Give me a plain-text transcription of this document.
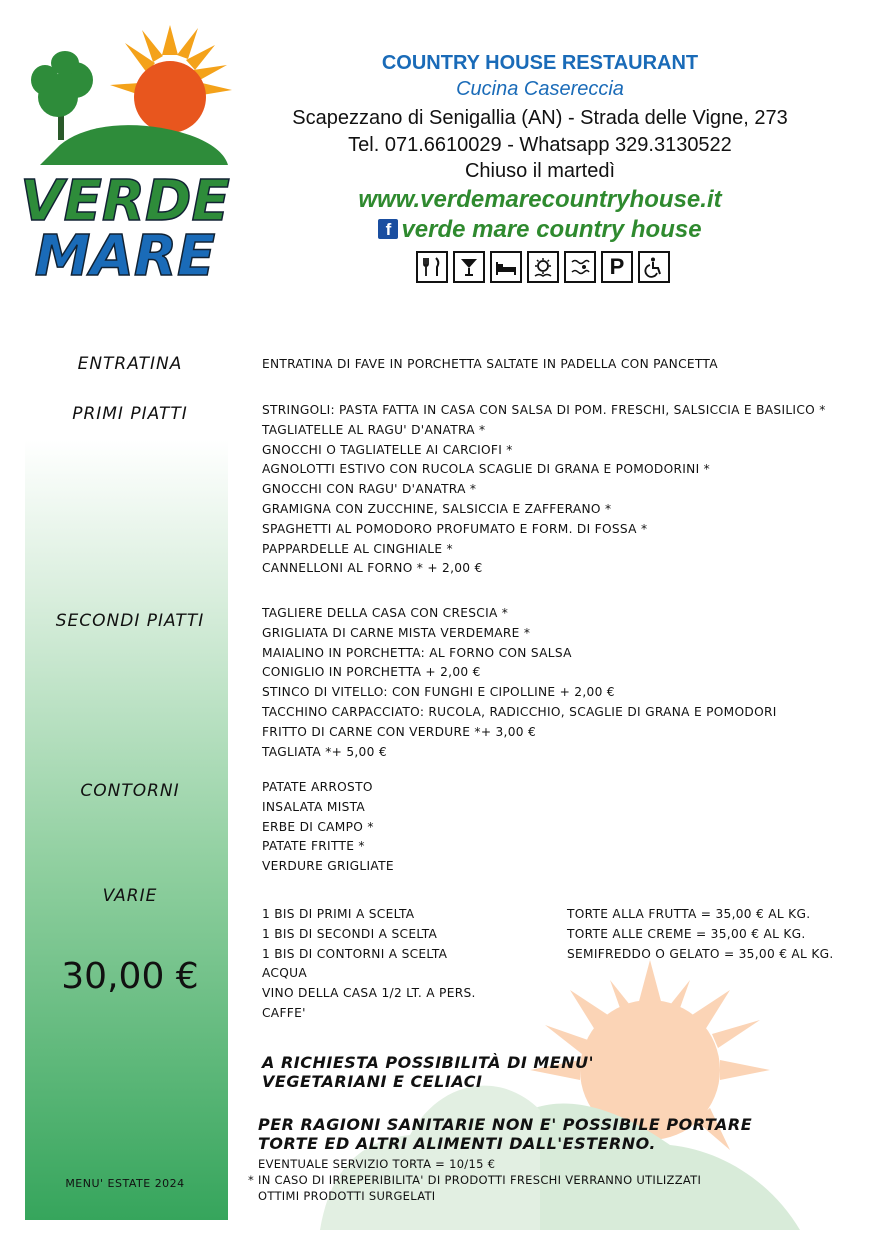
VERDE
MARE
COUNTRY HOUSE RESTAURANT
Cucina Casereccia
Scapezzano di Senigallia (AN) - Strada delle Vigne, 273
Tel. 071.6610029 - Whatsapp 329.3130522
Chiuso il martedì
www.verdemarecountryhouse.it
f verde mare country house
P
ENTRATINA
PRIMI PIATTI
SECONDI PIATTI
CONTORNI
VARIE
ENTRATINA DI FAVE IN PORCHETTA SALTATE IN PADELLA CON PANCETTA
STRINGOLI: PASTA FATTA IN CASA CON SALSA DI POM. FRESCHI, SALSICCIA E BASILICO *
TAGLIATELLE AL RAGU' D'ANATRA *
GNOCCHI O TAGLIATELLE AI CARCIOFI *
AGNOLOTTI ESTIVO CON RUCOLA SCAGLIE DI GRANA E POMODORINI *
GNOCCHI CON RAGU' D'ANATRA *
GRAMIGNA CON ZUCCHINE, SALSICCIA E ZAFFERANO *
SPAGHETTI AL POMODORO PROFUMATO E FORM. DI FOSSA *
PAPPARDELLE AL CINGHIALE *
CANNELLONI AL FORNO * + 2,00 €
TAGLIERE DELLA CASA CON CRESCIA *
GRIGLIATA DI CARNE MISTA VERDEMARE *
MAIALINO IN PORCHETTA: AL FORNO CON SALSA
CONIGLIO IN PORCHETTA + 2,00 €
STINCO DI VITELLO: CON FUNGHI E CIPOLLINE + 2,00 €
TACCHINO CARPACCIATO: RUCOLA, RADICCHIO, SCAGLIE DI GRANA E POMODORI
FRITTO DI CARNE CON VERDURE *+ 3,00 €
TAGLIATA *+ 5,00 €
PATATE ARROSTO
INSALATA MISTA
ERBE DI CAMPO *
PATATE FRITTE *
VERDURE GRIGLIATE
1 BIS DI PRIMI A SCELTA
1 BIS DI SECONDI A SCELTA
1 BIS DI CONTORNI A SCELTA
ACQUA
VINO DELLA CASA 1/2 LT. A PERS.
CAFFE'
TORTE ALLA FRUTTA = 35,00 € AL KG.
TORTE ALLE CREME = 35,00 € AL KG.
SEMIFREDDO O GELATO = 35,00 € AL KG.
30,00 €
A RICHIESTA POSSIBILITÀ DI MENU'
VEGETARIANI E CELIACI
PER RAGIONI SANITARIE NON E' POSSIBILE PORTARE
TORTE ED ALTRI ALIMENTI DALL'ESTERNO.
EVENTUALE SERVIZIO TORTA = 10/15 €
* IN CASO DI IRREPERIBILITA' DI PRODOTTI FRESCHI VERRANNO UTILIZZATI
OTTIMI PRODOTTI SURGELATI
MENU' ESTATE 2024
